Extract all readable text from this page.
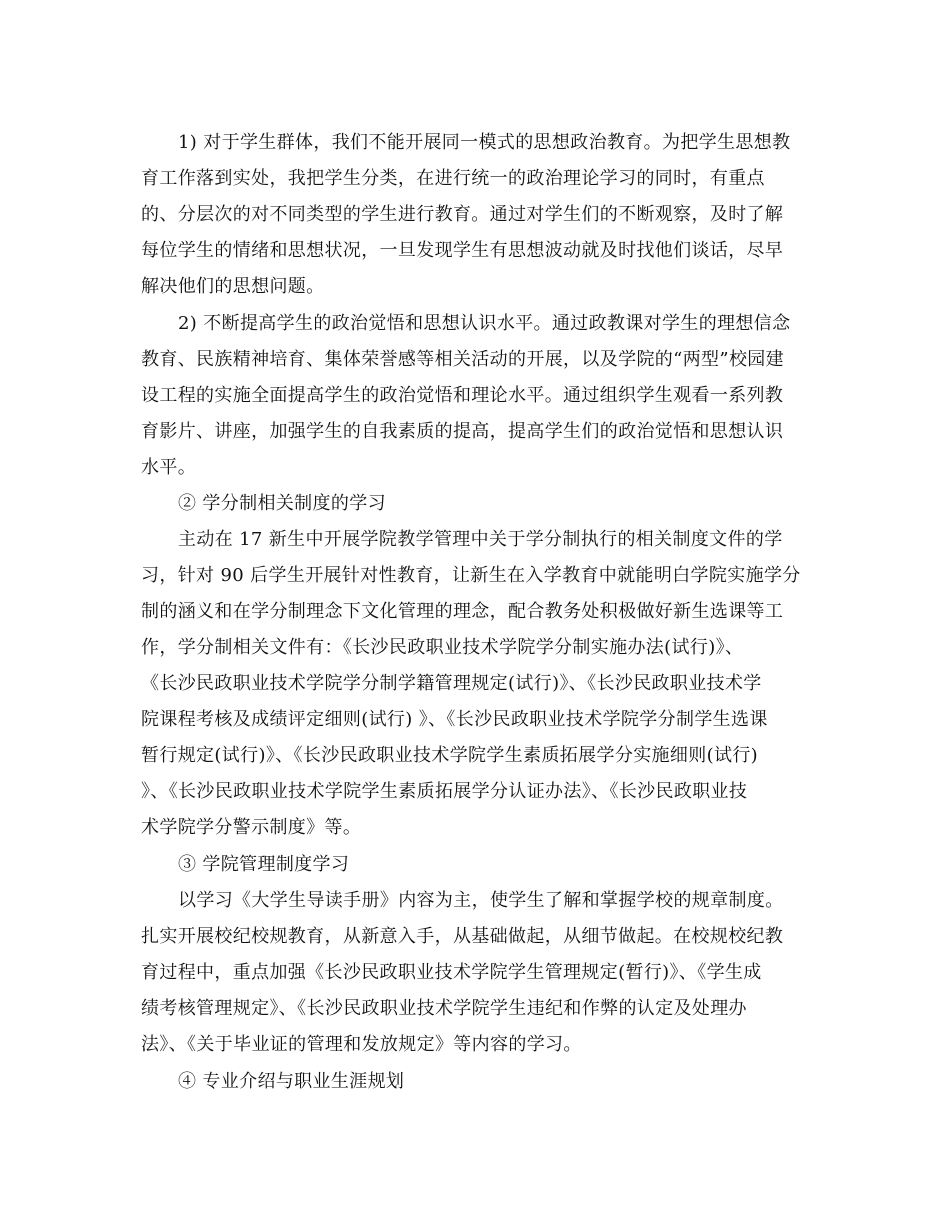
1) 对于学生群体，我们不能开展同一模式的思想政治教育。为把学生思想教
育工作落到实处，我把学生分类，在进行统一的政治理论学习的同时，有重点
的、分层次的对不同类型的学生进行教育。通过对学生们的不断观察，及时了解
每位学生的情绪和思想状况，一旦发现学生有思想波动就及时找他们谈话，尽早
解决他们的思想问题。
2) 不断提高学生的政治觉悟和思想认识水平。通过政教课对学生的理想信念
教育、民族精神培育、集体荣誉感等相关活动的开展，以及学院的“两型”校园建
设工程的实施全面提高学生的政治觉悟和理论水平。通过组织学生观看一系列教
育影片、讲座，加强学生的自我素质的提高，提高学生们的政治觉悟和思想认识
水平。
② 学分制相关制度的学习
主动在 17 新生中开展学院教学管理中关于学分制执行的相关制度文件的学
习，针对 90 后学生开展针对性教育，让新生在入学教育中就能明白学院实施学分
制的涵义和在学分制理念下文化管理的理念，配合教务处积极做好新生选课等工
作，学分制相关文件有：《长沙民政职业技术学院学分制实施办法(试行)》、
《长沙民政职业技术学院学分制学籍管理规定(试行)》、《长沙民政职业技术学
院课程考核及成绩评定细则(试行) 》、《长沙民政职业技术学院学分制学生选课
暂行规定(试行)》、《长沙民政职业技术学院学生素质拓展学分实施细则(试行)
》、《长沙民政职业技术学院学生素质拓展学分认证办法》、《长沙民政职业技
术学院学分警示制度》等。
③ 学院管理制度学习
以学习《大学生导读手册》内容为主，使学生了解和掌握学校的规章制度。
扎实开展校纪校规教育，从新意入手，从基础做起，从细节做起。在校规校纪教
育过程中，重点加强《长沙民政职业技术学院学生管理规定(暂行)》、《学生成
绩考核管理规定》、《长沙民政职业技术学院学生违纪和作弊的认定及处理办
法》、《关于毕业证的管理和发放规定》等内容的学习。
④ 专业介绍与职业生涯规划
